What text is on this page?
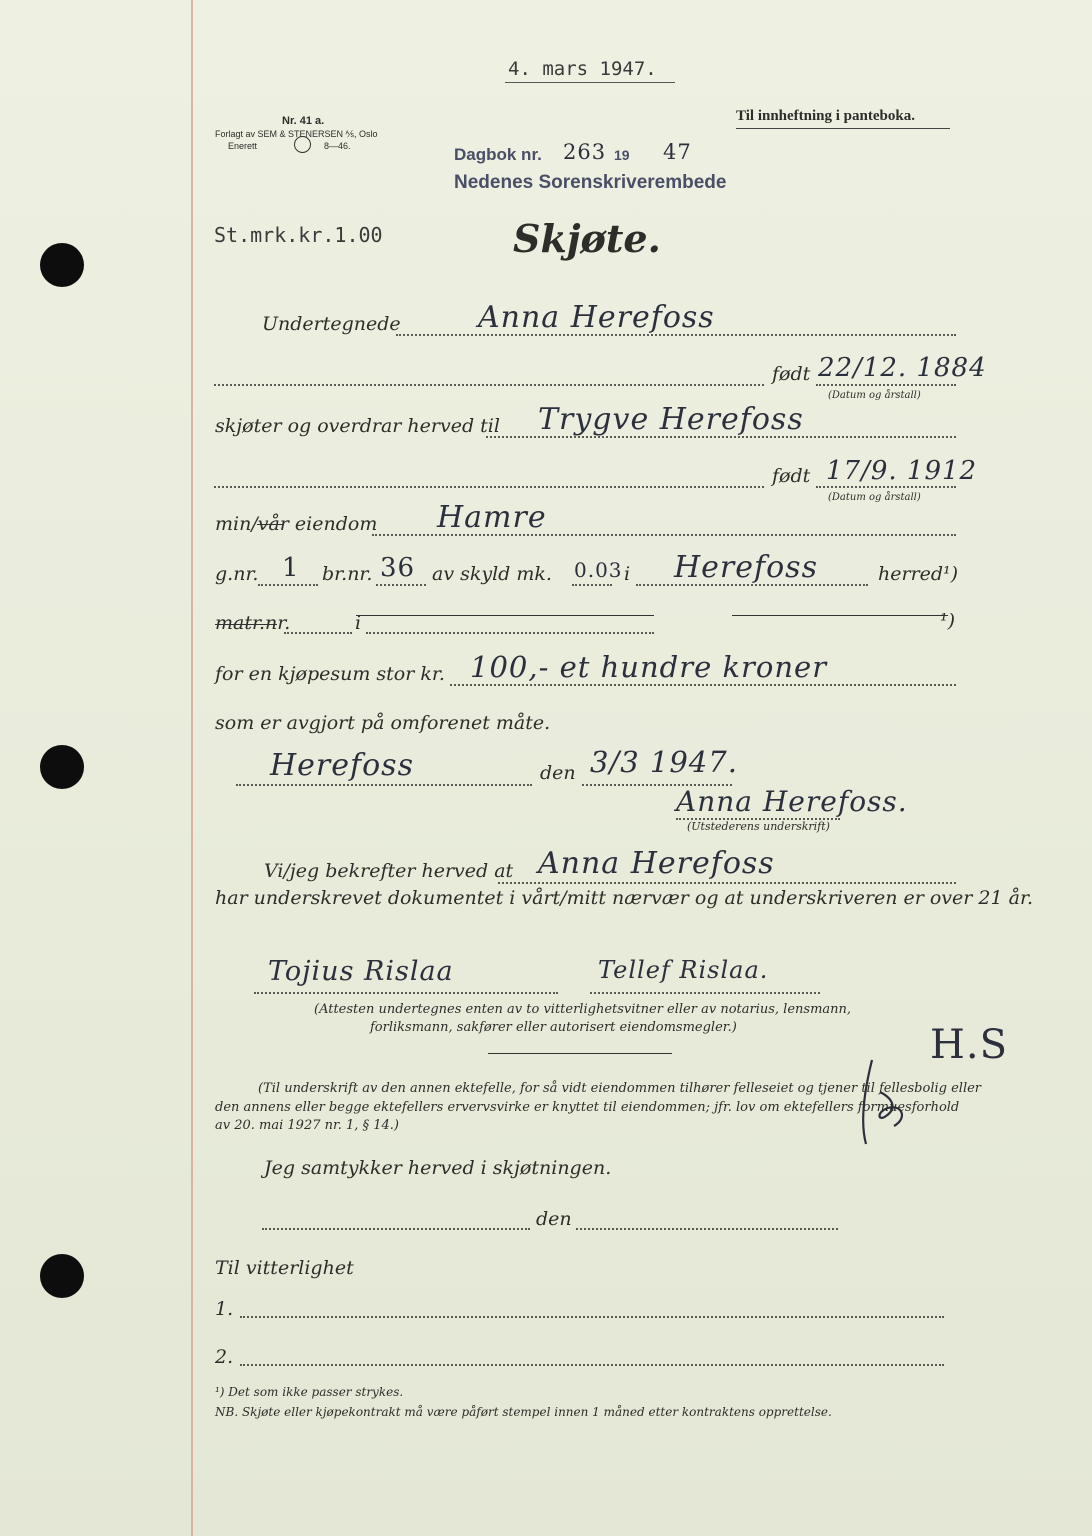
4. mars 1947.
Nr. 41 a.
Forlagt av SEM & STENERSEN ⅍, Oslo
Enerett	8—46.
Til innheftning i panteboka.
Dagbok nr. 263 19 47
Nedenes Sorenskriverembede
St.mrk.kr.1.00	Skjøte.
Undertegnede	Anna Herefoss
født 22/12. 1884
(Datum og årstall)
skjøter og overdrar herved til Trygve Herefoss
født 17/9. 1912
(Datum og årstall)
min/vår eiendom Hamre
g.nr. 1 br.nr. 36 av skyld mk. 0.03 i Herefoss	herred¹)
matr.nr.	i	¹)
for en kjøpesum stor kr. 100,- et hundre kroner
som er avgjort på omforenet måte.
Herefoss	den 3/3 1947.
Anna Herefoss.
(Utstederens underskrift)
Vi/jeg bekrefter herved at Anna Herefoss
har underskrevet dokumentet i vårt/mitt nærvær og at underskriveren er over 21 år.
Tojius Rislaa	Tellef Rislaa.
(Attesten undertegnes enten av to vitterlighetsvitner eller av notarius, lensmann,
forliksmann, sakfører eller autorisert eiendomsmegler.)	H.S
(Til underskrift av den annen ektefelle, for så vidt eiendommen tilhører felleseiet og tjener til fellesbolig eller
den annens eller begge ektefellers ervervsvirke er knyttet til eiendommen; jfr. lov om ektefellers formuesforhold
av 20. mai 1927 nr. 1, § 14.)
Jeg samtykker herved i skjøtningen.
den
Til vitterlighet
1.
2.
¹) Det som ikke passer strykes.
NB. Skjøte eller kjøpekontrakt må være påført stempel innen 1 måned etter kontraktens opprettelse.
